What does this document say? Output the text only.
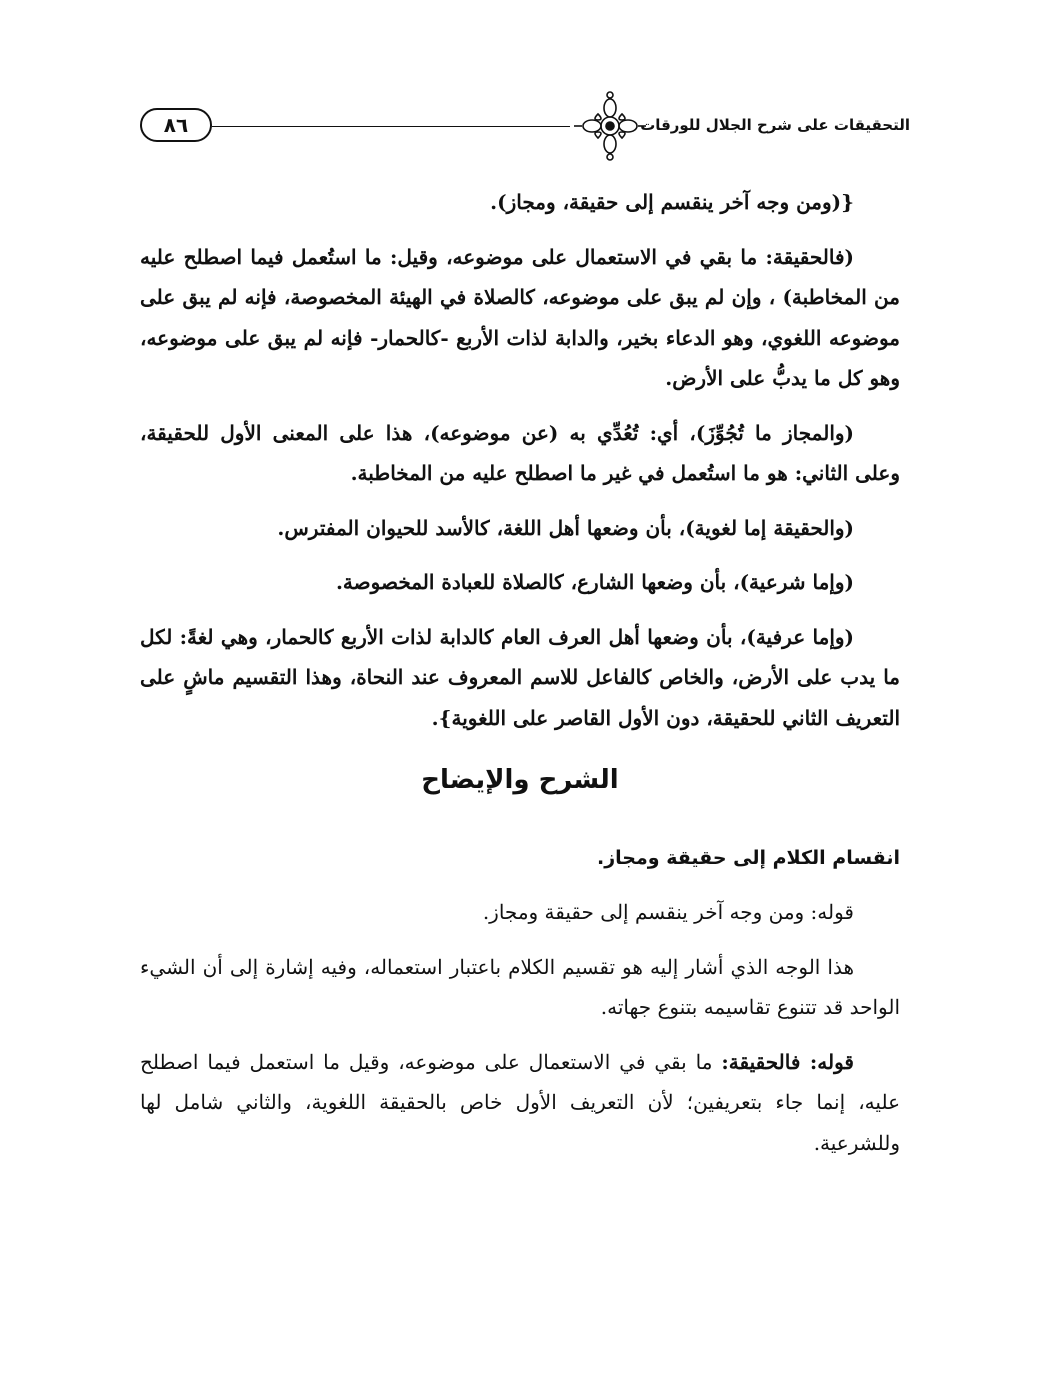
التحقيقات على شرح الجلال للورقات
٨٦

{(ومن وجه آخر ينقسم إلى حقيقة، ومجاز).

(فالحقيقة: ما بقي في الاستعمال على موضوعه، وقيل: ما استُعمل فيما اصطلح عليه من المخاطبة) ، وإن لم يبق على موضوعه، كالصلاة في الهيئة المخصوصة، فإنه لم يبق على موضوعه اللغوي، وهو الدعاء بخير، والدابة لذات الأربع -كالحمار- فإنه لم يبق على موضوعه، وهو كل ما يدبُّ على الأرض.

(والمجاز ما تُجُوِّزَ)، أي: تُعُدِّي به (عن موضوعه)، هذا على المعنى الأول للحقيقة، وعلى الثاني: هو ما استُعمل في غير ما اصطلح عليه من المخاطبة.

(والحقيقة إما لغوية)، بأن وضعها أهل اللغة، كالأسد للحيوان المفترس.

(وإما شرعية)، بأن وضعها الشارع، كالصلاة للعبادة المخصوصة.

(وإما عرفية)، بأن وضعها أهل العرف العام كالدابة لذات الأربع كالحمار، وهي لغةً: لكل ما يدب على الأرض، والخاص كالفاعل للاسم المعروف عند النحاة، وهذا التقسيم ماشٍ على التعريف الثاني للحقيقة، دون الأول القاصر على اللغوية}.

الشرح والإيضاح
انقسام الكلام إلى حقيقة ومجاز.

قوله: ومن وجه آخر ينقسم إلى حقيقة ومجاز.

هذا الوجه الذي أشار إليه هو تقسيم الكلام باعتبار استعماله، وفيه إشارة إلى أن الشيء الواحد قد تتنوع تقاسيمه بتنوع جهاته.

قوله: فالحقيقة: ما بقي في الاستعمال على موضوعه، وقيل ما استعمل فيما اصطلح عليه، إنما جاء بتعريفين؛ لأن التعريف الأول خاص بالحقيقة اللغوية، والثاني شامل لها وللشرعية.
